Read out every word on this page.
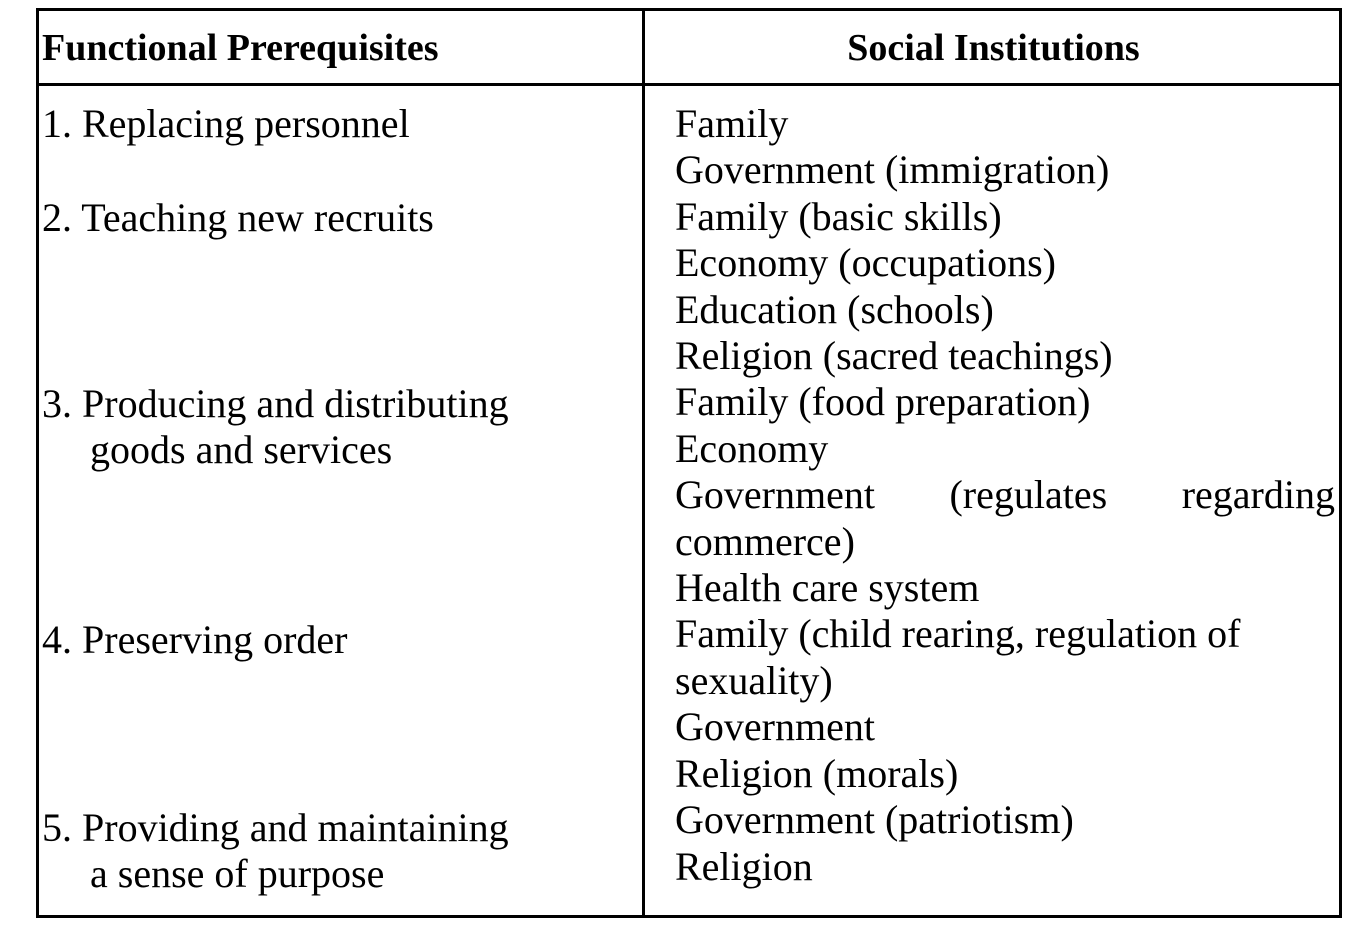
Functional Prerequisites	Social Institutions
1. Replacing personnel
2. Teaching new recruits
3. Producing and distributing
goods and services
4. Preserving order
5. Providing and maintaining
a sense of purpose
Family
Government (immigration)
Family (basic skills)
Economy (occupations)
Education (schools)
Religion (sacred teachings)
Family (food preparation)
Economy
Government (regulates regarding
commerce)
Health care system
Family (child rearing, regulation of
sexuality)
Government
Religion (morals)
Government (patriotism)
Religion
